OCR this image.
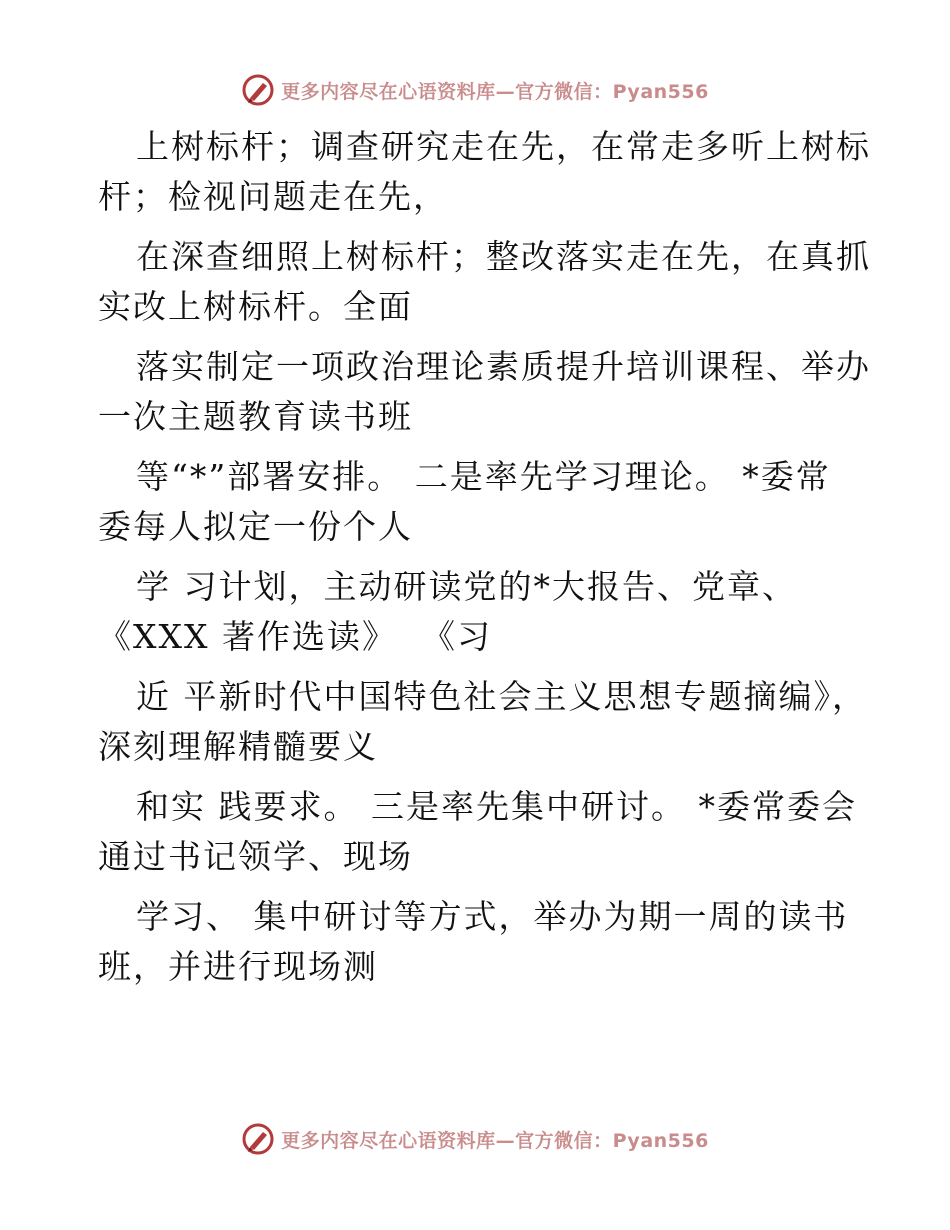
更多内容尽在心语资料库—官方微信：Pyan556
上树标杆；调查研究走在先，在常走多听上树标
杆；检视问题走在先，
在深查细照上树标杆；整改落实走在先，在真抓
实改上树标杆。全面
落实制定一项政治理论素质提升培训课程、举办
一次主题教育读书班
等“*”部署安排。 二是率先学习理论。 *委常
委每人拟定一份个人
学 习计划，主动研读党的*大报告、党章、
《XXX 著作选读》  《习
近 平新时代中国特色社会主义思想专题摘编》，
深刻理解精髓要义
和实 践要求。 三是率先集中研讨。 *委常委会
通过书记领学、现场
学习、 集中研讨等方式，举办为期一周的读书
班，并进行现场测
更多内容尽在心语资料库—官方微信：Pyan556
